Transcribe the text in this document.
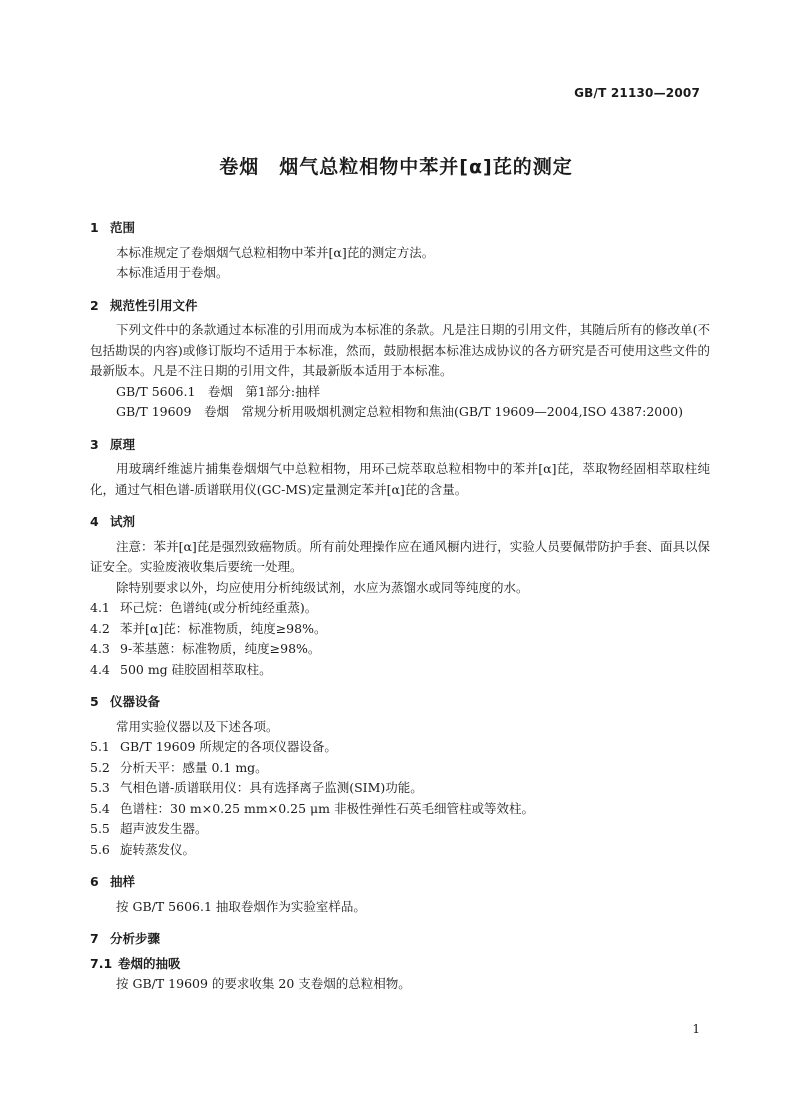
GB/T 21130—2007
卷烟　烟气总粒相物中苯并[α]芘的测定
1 范围

本标准规定了卷烟烟气总粒相物中苯并[α]芘的测定方法。

本标准适用于卷烟。

2 规范性引用文件

下列文件中的条款通过本标准的引用而成为本标准的条款。凡是注日期的引用文件，其随后所有的修改单(不包括勘误的内容)或修订版均不适用于本标准，然而，鼓励根据本标准达成协议的各方研究是否可使用这些文件的最新版本。凡是不注日期的引用文件，其最新版本适用于本标准。

GB/T 5606.1　卷烟　第1部分:抽样

GB/T 19609　卷烟　常规分析用吸烟机测定总粒相物和焦油(GB/T 19609—2004,ISO 4387:2000)

3 原理

用玻璃纤维滤片捕集卷烟烟气中总粒相物，用环己烷萃取总粒相物中的苯并[α]芘，萃取物经固相萃取柱纯化，通过气相色谱-质谱联用仪(GC-MS)定量测定苯并[α]芘的含量。

4 试剂

注意：苯并[α]芘是强烈致癌物质。所有前处理操作应在通风橱内进行，实验人员要佩带防护手套、面具以保证安全。实验废液收集后要统一处理。

除特别要求以外，均应使用分析纯级试剂，水应为蒸馏水或同等纯度的水。

4.1 环己烷：色谱纯(或分析纯经重蒸)。

4.2 苯并[α]芘：标准物质，纯度≥98%。

4.3 9-苯基蒽：标准物质，纯度≥98%。

4.4 500 mg 硅胶固相萃取柱。

5 仪器设备

常用实验仪器以及下述各项。

5.1 GB/T 19609 所规定的各项仪器设备。

5.2 分析天平：感量 0.1 mg。

5.3 气相色谱-质谱联用仪：具有选择离子监测(SIM)功能。

5.4 色谱柱：30 m×0.25 mm×0.25 μm 非极性弹性石英毛细管柱或等效柱。

5.5 超声波发生器。

5.6 旋转蒸发仪。

6 抽样

按 GB/T 5606.1 抽取卷烟作为实验室样品。

7 分析步骤
7.1 卷烟的抽吸

按 GB/T 19609 的要求收集 20 支卷烟的总粒相物。

1
